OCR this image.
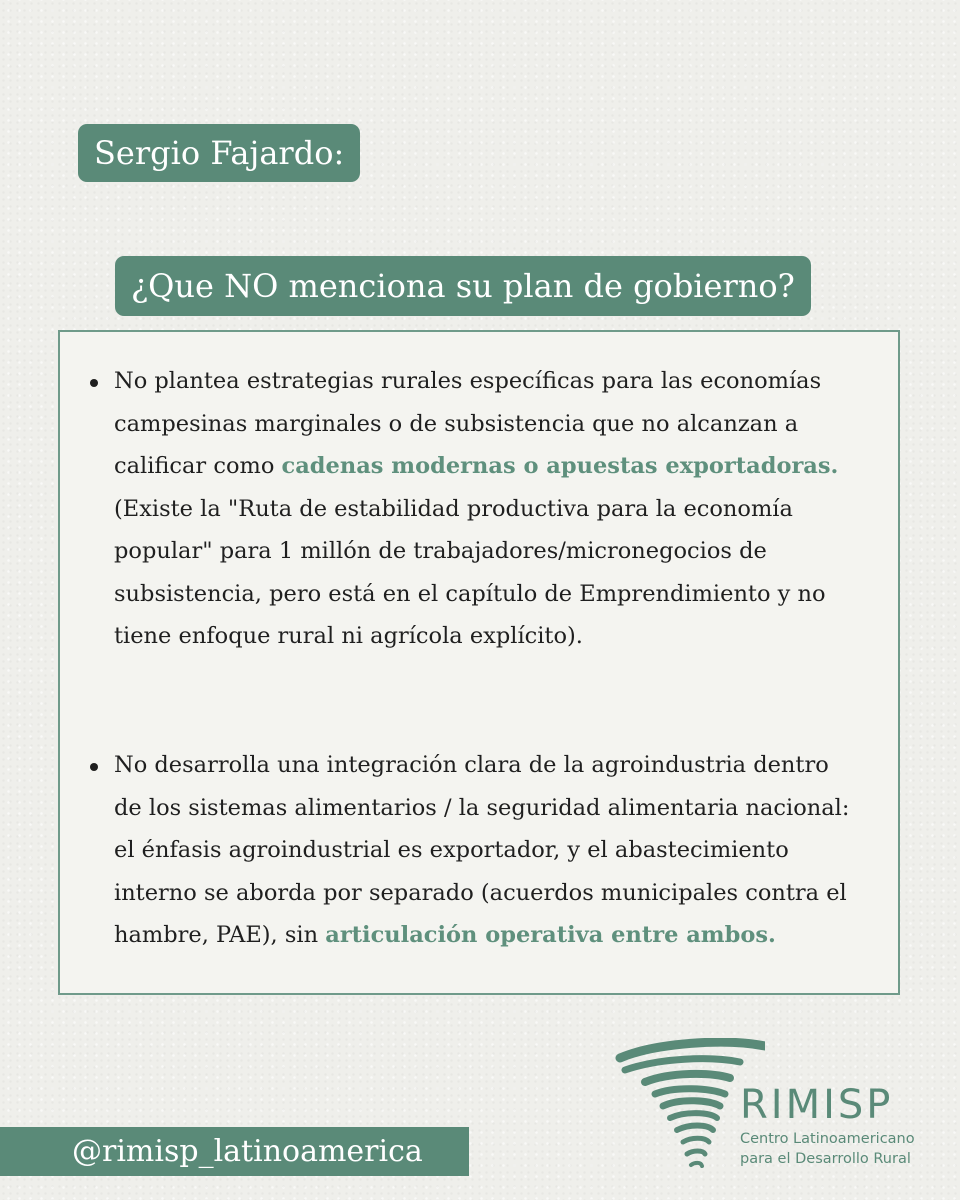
Sergio Fajardo:
¿Que NO menciona su plan de gobierno?
No plantea estrategias rurales específicas para las economías campesinas marginales o de subsistencia que no alcanzan a calificar como cadenas modernas o apuestas exportadoras. (Existe la "Ruta de estabilidad productiva para la economía popular" para 1 millón de trabajadores/micronegocios de subsistencia, pero está en el capítulo de Emprendimiento y no tiene enfoque rural ni agrícola explícito).
No desarrolla una integración clara de la agroindustria dentro de los sistemas alimentarios / la seguridad alimentaria nacional: el énfasis agroindustrial es exportador, y el abastecimiento interno se aborda por separado (acuerdos municipales contra el hambre, PAE), sin articulación operativa entre ambos.
@rimisp_latinoamerica
RIMISP
Centro Latinoamericano
para el Desarrollo Rural
